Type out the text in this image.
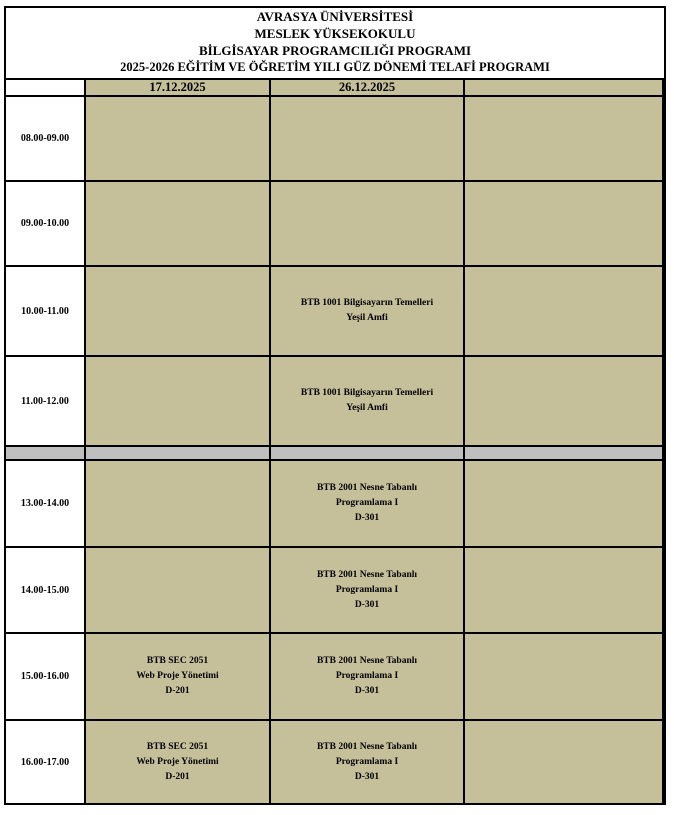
AVRASYA ÜNİVERSİTESİ
MESLEK YÜKSEKOKULU
BİLGİSAYAR PROGRAMCILIĞI PROGRAMI
2025-2026 EĞİTİM VE ÖĞRETİM YILI GÜZ DÖNEMİ TELAFİ PROGRAMI
17.12.2025	26.12.2025
08.00-09.00
09.00-10.00
10.00-11.00
BTB 1001 Bilgisayarın Temelleri
Yeşil Amfi
11.00-12.00
BTB 1001 Bilgisayarın Temelleri
Yeşil Amfi
13.00-14.00
BTB 2001 Nesne Tabanlı
Programlama I
D-301
14.00-15.00
BTB 2001 Nesne Tabanlı
Programlama I
D-301
15.00-16.00
BTB SEC 2051
Web Proje Yönetimi
D-201
BTB 2001 Nesne Tabanlı
Programlama I
D-301
16.00-17.00
BTB SEC 2051
Web Proje Yönetimi
D-201
BTB 2001 Nesne Tabanlı
Programlama I
D-301
